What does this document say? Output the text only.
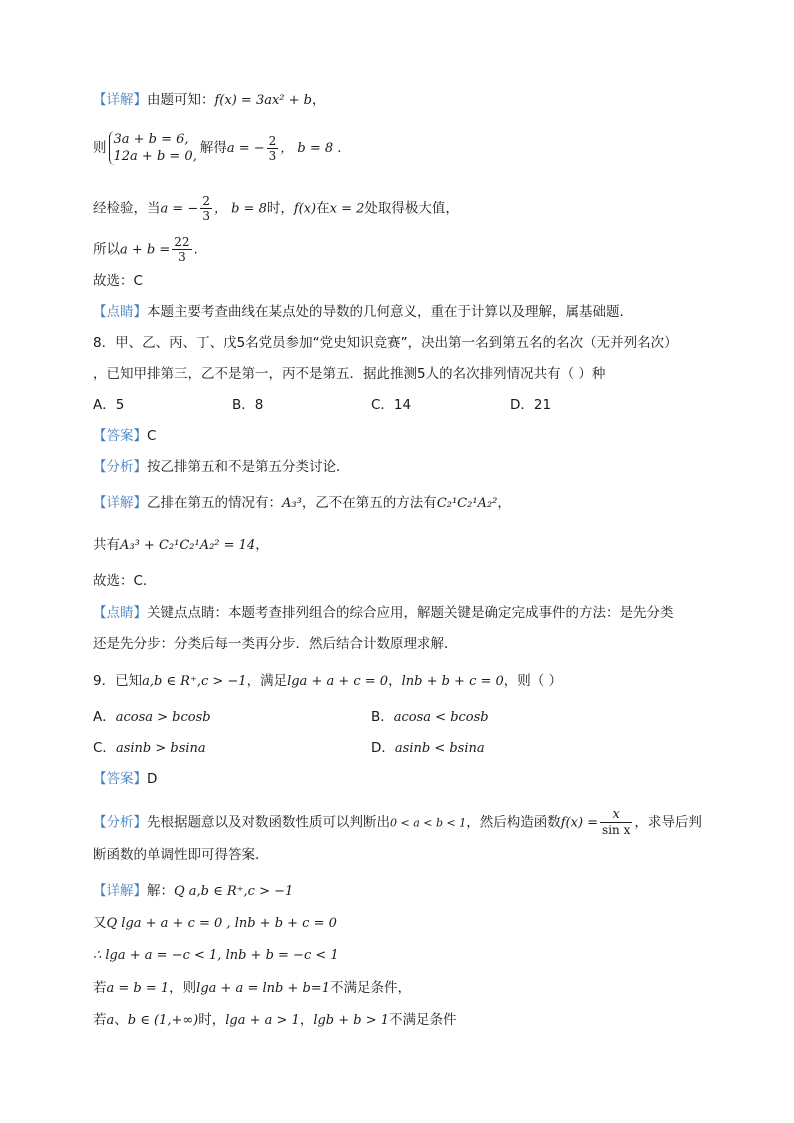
【详解】由题可知：f(x) = 3ax² + b，
则
3a + b = 6,
12a + b = 0,
解得a = − $\frac{2}{3}$ ， b = 8 .
经检验，当a = − $\frac{2}{3}$ ， b = 8时，f(x)在x = 2处取得极大值，
所以$a + b = \frac{22}{3}$ .
故选：C
【点睛】本题主要考查曲线在某点处的导数的几何意义，重在于计算以及理解，属基础题.
8．甲、乙、丙、丁、戊5名党员参加“党史知识竞赛”，决出第一名到第五名的名次（无并列名次）
，已知甲排第三，乙不是第一，丙不是第五．据此推测5人的名次排列情况共有（ ）种
A．5	B．8	C．14	D．21
【答案】C
【分析】按乙排第五和不是第五分类讨论．
【详解】乙排在第五的情况有：A₃³，乙不在第五的方法有C₂¹C₂¹A₂²，
共有A₃³ + C₂¹C₂¹A₂² = 14，
故选：C．
【点睛】关键点点睛：本题考查排列组合的综合应用，解题关键是确定完成事件的方法：是先分类
还是先分步：分类后每一类再分步．然后结合计数原理求解．
9．已知a,b ∈ R⁺,c > −1，满足lga + a + c = 0，lnb + b + c = 0，则（ ）
A．acosa > bcosb	B．acosa < bcosb
C．asinb > bsina	D．asinb < bsina
【答案】D
【分析】先根据题意以及对数函数性质可以判断出0 < a < b < 1，然后构造函数$f(x) = \frac{x}{\text{sin x}}$ ，求导后判
断函数的单调性即可得答案.
【详解】解：Q a,b ∈ R⁺,c > −1
又Q lga + a + c = 0 , lnb + b + c = 0
∴ lga + a = −c < 1, lnb + b = −c < 1
若a = b = 1，则lga + a = lnb + b=1不满足条件，
若a、b ∈ (1,+∞)时，lga + a > 1，lgb + b > 1不满足条件
